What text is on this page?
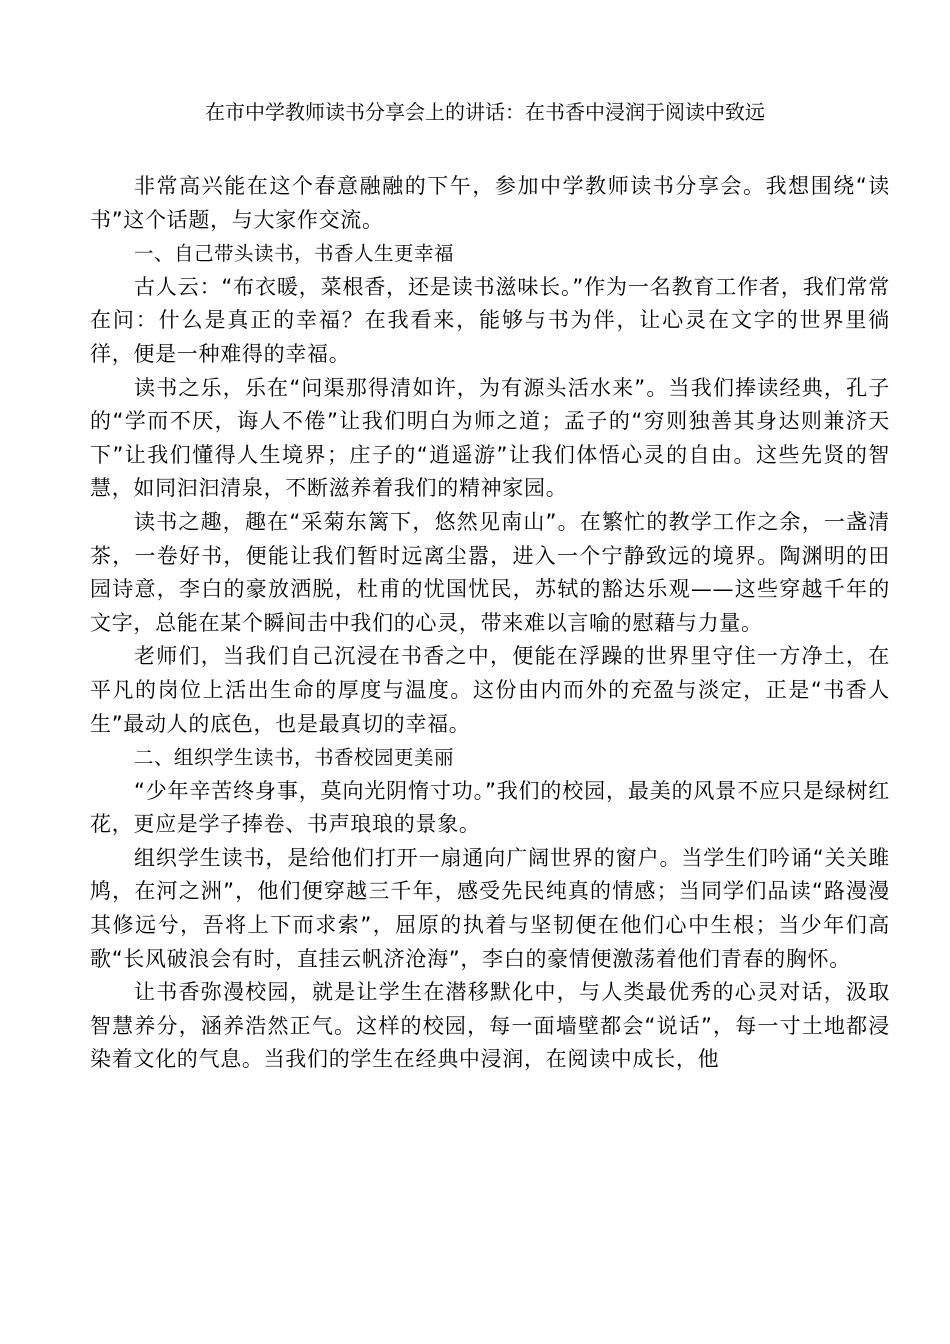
在市中学教师读书分享会上的讲话：在书香中浸润于阅读中致远

非常高兴能在这个春意融融的下午，参加中学教师读书分享会。我想围绕“读书”这个话题，与大家作交流。

一、自己带头读书，书香人生更幸福

古人云：“布衣暖，菜根香，还是读书滋味长。”作为一名教育工作者，我们常常在问：什么是真正的幸福？在我看来，能够与书为伴，让心灵在文字的世界里徜徉，便是一种难得的幸福。

读书之乐，乐在“问渠那得清如许，为有源头活水来”。当我们捧读经典，孔子的“学而不厌，诲人不倦”让我们明白为师之道；孟子的“穷则独善其身达则兼济天下”让我们懂得人生境界；庄子的“逍遥游”让我们体悟心灵的自由。这些先贤的智慧，如同汩汩清泉，不断滋养着我们的精神家园。

读书之趣，趣在“采菊东篱下，悠然见南山”。在繁忙的教学工作之余，一盏清茶，一卷好书，便能让我们暂时远离尘嚣，进入一个宁静致远的境界。陶渊明的田园诗意，李白的豪放洒脱，杜甫的忧国忧民，苏轼的豁达乐观——这些穿越千年的文字，总能在某个瞬间击中我们的心灵，带来难以言喻的慰藉与力量。

老师们，当我们自己沉浸在书香之中，便能在浮躁的世界里守住一方净土，在平凡的岗位上活出生命的厚度与温度。这份由内而外的充盈与淡定，正是“书香人生”最动人的底色，也是最真切的幸福。

二、组织学生读书，书香校园更美丽

“少年辛苦终身事，莫向光阴惰寸功。”我们的校园，最美的风景不应只是绿树红花，更应是学子捧卷、书声琅琅的景象。

组织学生读书，是给他们打开一扇通向广阔世界的窗户。当学生们吟诵“关关雎鸠，在河之洲”，他们便穿越三千年，感受先民纯真的情感；当同学们品读“路漫漫其修远兮，吾将上下而求索”，屈原的执着与坚韧便在他们心中生根；当少年们高歌“长风破浪会有时，直挂云帆济沧海”，李白的豪情便激荡着他们青春的胸怀。

让书香弥漫校园，就是让学生在潜移默化中，与人类最优秀的心灵对话，汲取智慧养分，涵养浩然正气。这样的校园，每一面墙壁都会“说话”，每一寸土地都浸染着文化的气息。当我们的学生在经典中浸润，在阅读中成长，他
